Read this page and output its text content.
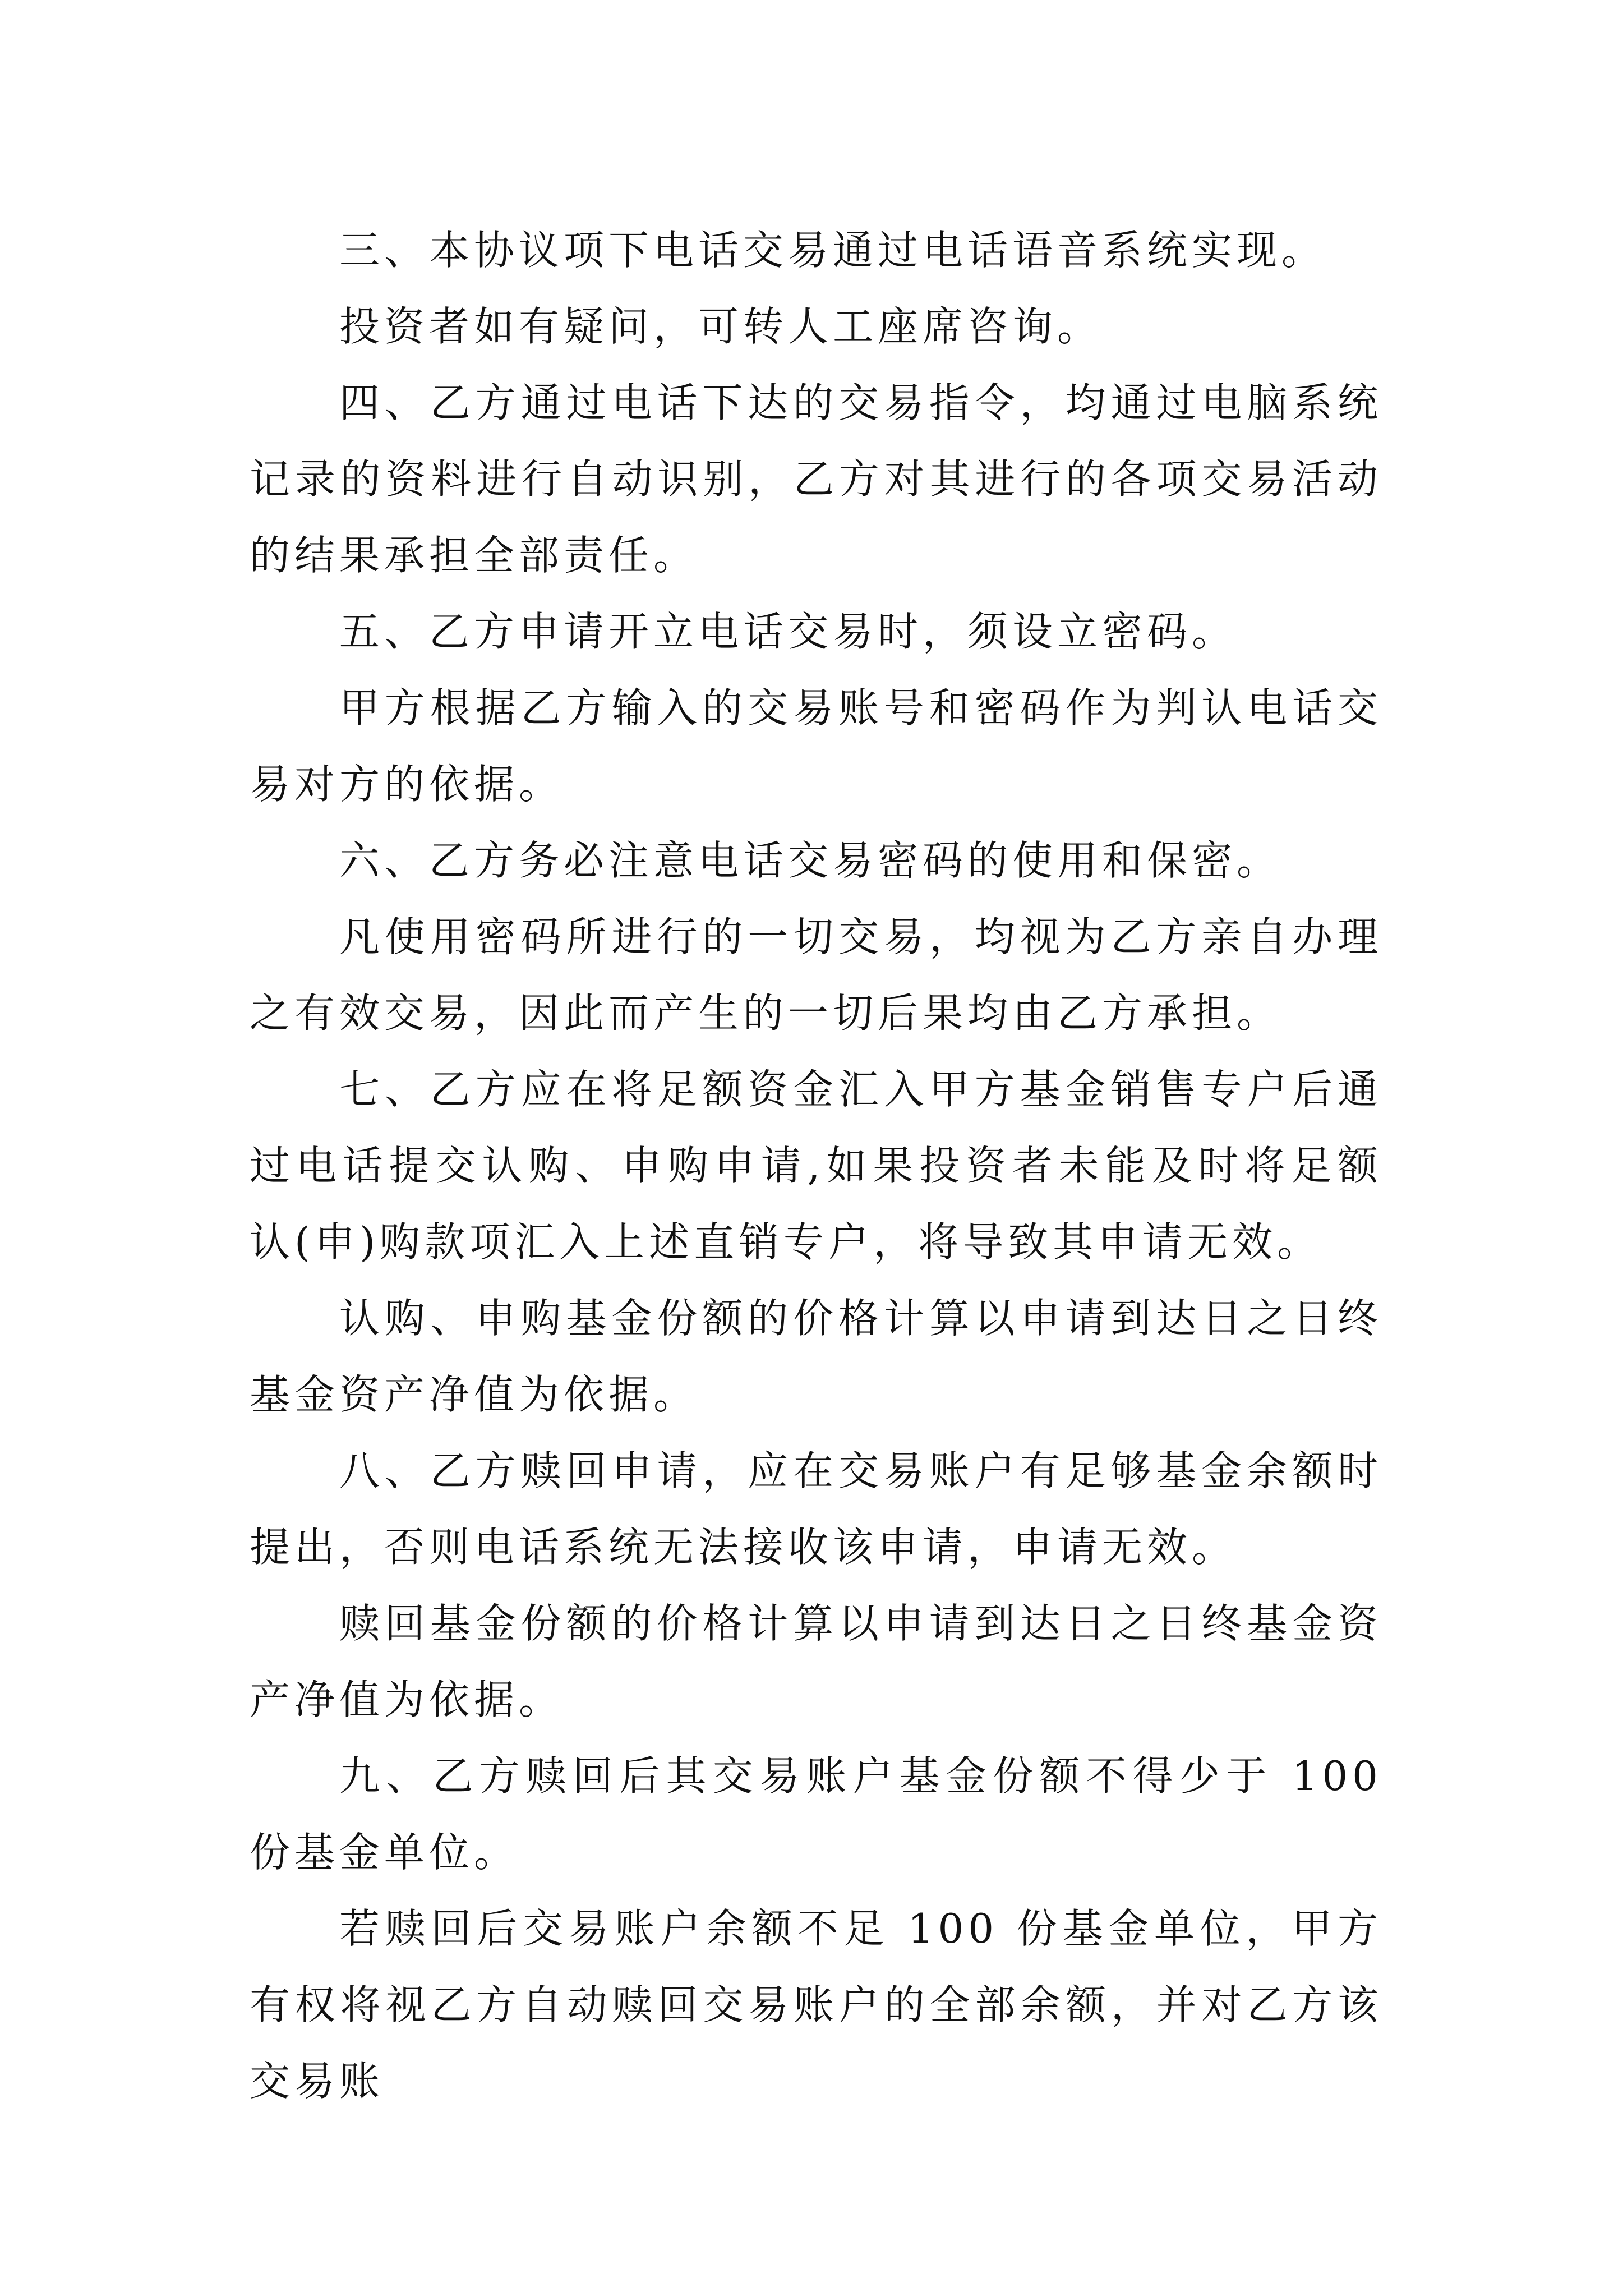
三、本协议项下电话交易通过电话语音系统实现。

投资者如有疑问，可转人工座席咨询。

四、乙方通过电话下达的交易指令，均通过电脑系统记录的资料进行自动识别，乙方对其进行的各项交易活动的结果承担全部责任。

五、乙方申请开立电话交易时，须设立密码。

甲方根据乙方输入的交易账号和密码作为判认电话交易对方的依据。

六、乙方务必注意电话交易密码的使用和保密。

凡使用密码所进行的一切交易，均视为乙方亲自办理之有效交易，因此而产生的一切后果均由乙方承担。

七、乙方应在将足额资金汇入甲方基金销售专户后通过电话提交认购、申购申请,如果投资者未能及时将足额认(申)购款项汇入上述直销专户，将导致其申请无效。

认购、申购基金份额的价格计算以申请到达日之日终基金资产净值为依据。

八、乙方赎回申请，应在交易账户有足够基金余额时提出，否则电话系统无法接收该申请，申请无效。

赎回基金份额的价格计算以申请到达日之日终基金资产净值为依据。

九、乙方赎回后其交易账户基金份额不得少于 100 份基金单位。

若赎回后交易账户余额不足 100 份基金单位，甲方有权将视乙方自动赎回交易账户的全部余额，并对乙方该交易账
